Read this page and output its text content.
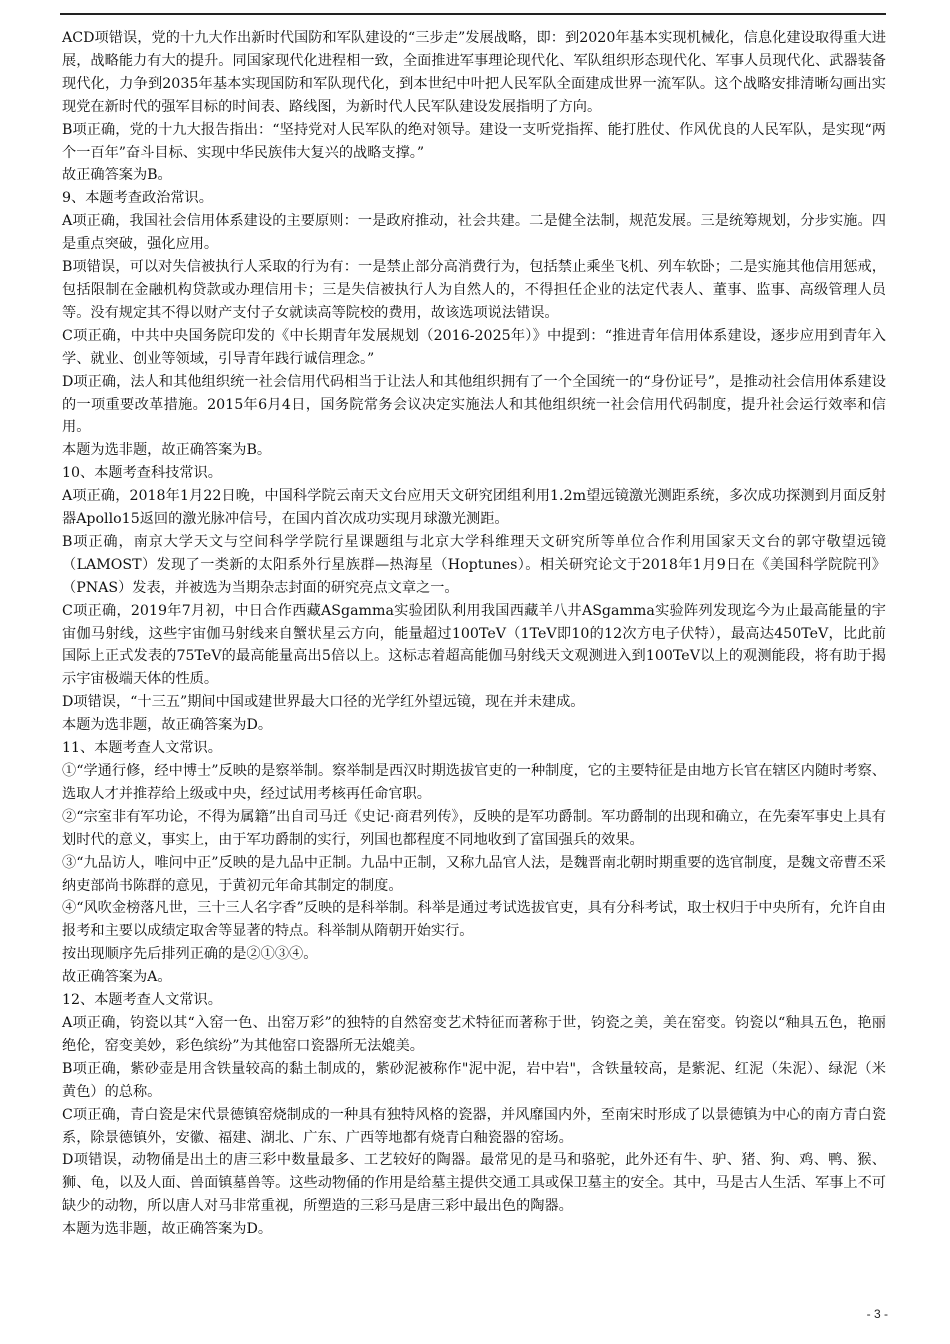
ACD项错误，党的十九大作出新时代国防和军队建设的“三步走”发展战略，即：到2020年基本实现机械化，信息化建设取得重大进展，战略能力有大的提升。同国家现代化进程相一致，全面推进军事理论现代化、军队组织形态现代化、军事人员现代化、武器装备现代化，力争到2035年基本实现国防和军队现代化，到本世纪中叶把人民军队全面建成世界一流军队。这个战略安排清晰勾画出实现党在新时代的强军目标的时间表、路线图，为新时代人民军队建设发展指明了方向。

B项正确，党的十九大报告指出：“坚持党对人民军队的绝对领导。建设一支听党指挥、能打胜仗、作风优良的人民军队，是实现“两个一百年”奋斗目标、实现中华民族伟大复兴的战略支撑。”

故正确答案为B。

9、本题考查政治常识。

A项正确，我国社会信用体系建设的主要原则：一是政府推动，社会共建。二是健全法制，规范发展。三是统筹规划，分步实施。四是重点突破，强化应用。

B项错误，可以对失信被执行人采取的行为有：一是禁止部分高消费行为，包括禁止乘坐飞机、列车软卧；二是实施其他信用惩戒，包括限制在金融机构贷款或办理信用卡；三是失信被执行人为自然人的，不得担任企业的法定代表人、董事、监事、高级管理人员等。没有规定其不得以财产支付子女就读高等院校的费用，故该选项说法错误。

C项正确，中共中央国务院印发的《中长期青年发展规划（2016-2025年）》中提到：“推进青年信用体系建设，逐步应用到青年入学、就业、创业等领域，引导青年践行诚信理念。”

D项正确，法人和其他组织统一社会信用代码相当于让法人和其他组织拥有了一个全国统一的“身份证号”，是推动社会信用体系建设的一项重要改革措施。2015年6月4日，国务院常务会议决定实施法人和其他组织统一社会信用代码制度，提升社会运行效率和信用。

本题为选非题，故正确答案为B。

10、本题考查科技常识。

A项正确，2018年1月22日晚，中国科学院云南天文台应用天文研究团组利用1.2m望远镜激光测距系统，多次成功探测到月面反射器Apollo15返回的激光脉冲信号，在国内首次成功实现月球激光测距。

B项正确，南京大学天文与空间科学学院行星课题组与北京大学科维理天文研究所等单位合作利用国家天文台的郭守敬望远镜（LAMOST）发现了一类新的太阳系外行星族群—热海星（Hoptunes）。相关研究论文于2018年1月9日在《美国科学院院刊》（PNAS）发表，并被选为当期杂志封面的研究亮点文章之一。

C项正确，2019年7月初，中日合作西藏ASgamma实验团队利用我国西藏羊八井ASgamma实验阵列发现迄今为止最高能量的宇宙伽马射线，这些宇宙伽马射线来自蟹状星云方向，能量超过100TeV（1TeV即10的12次方电子伏特），最高达450TeV，比此前国际上正式发表的75TeV的最高能量高出5倍以上。这标志着超高能伽马射线天文观测进入到100TeV以上的观测能段，将有助于揭示宇宙极端天体的性质。

D项错误，“十三五”期间中国或建世界最大口径的光学红外望远镜，现在并未建成。

本题为选非题，故正确答案为D。

11、本题考查人文常识。

①“学通行修，经中博士”反映的是察举制。察举制是西汉时期选拔官吏的一种制度，它的主要特征是由地方长官在辖区内随时考察、选取人才并推荐给上级或中央，经过试用考核再任命官职。

②“宗室非有军功论，不得为属籍”出自司马迁《史记·商君列传》，反映的是军功爵制。军功爵制的出现和确立，在先秦军事史上具有划时代的意义，事实上，由于军功爵制的实行，列国也都程度不同地收到了富国强兵的效果。

③“九品访人，唯问中正”反映的是九品中正制。九品中正制，又称九品官人法，是魏晋南北朝时期重要的选官制度，是魏文帝曹丕采纳吏部尚书陈群的意见，于黄初元年命其制定的制度。

④“风吹金榜落凡世，三十三人名字香”反映的是科举制。科举是通过考试选拔官吏，具有分科考试，取士权归于中央所有，允许自由报考和主要以成绩定取舍等显著的特点。科举制从隋朝开始实行。

按出现顺序先后排列正确的是②①③④。

故正确答案为A。

12、本题考查人文常识。

A项正确，钧瓷以其“入窑一色、出窑万彩”的独特的自然窑变艺术特征而著称于世，钧瓷之美，美在窑变。钧瓷以“釉具五色，艳丽绝伦，窑变美妙，彩色缤纷”为其他窑口瓷器所无法媲美。

B项正确，紫砂壶是用含铁量较高的黏土制成的，紫砂泥被称作"泥中泥，岩中岩"，含铁量较高，是紫泥、红泥（朱泥）、绿泥（米黄色）的总称。

C项正确，青白瓷是宋代景德镇窑烧制成的一种具有独特风格的瓷器，并风靡国内外，至南宋时形成了以景德镇为中心的南方青白瓷系，除景德镇外，安徽、福建、湖北、广东、广西等地都有烧青白釉瓷器的窑场。

D项错误，动物俑是出土的唐三彩中数量最多、工艺较好的陶器。最常见的是马和骆驼，此外还有牛、驴、猪、狗、鸡、鸭、猴、狮、龟，以及人面、兽面镇墓兽等。这些动物俑的作用是给墓主提供交通工具或保卫墓主的安全。其中，马是古人生活、军事上不可缺少的动物，所以唐人对马非常重视，所塑造的三彩马是唐三彩中最出色的陶器。

本题为选非题，故正确答案为D。

- 3 -
